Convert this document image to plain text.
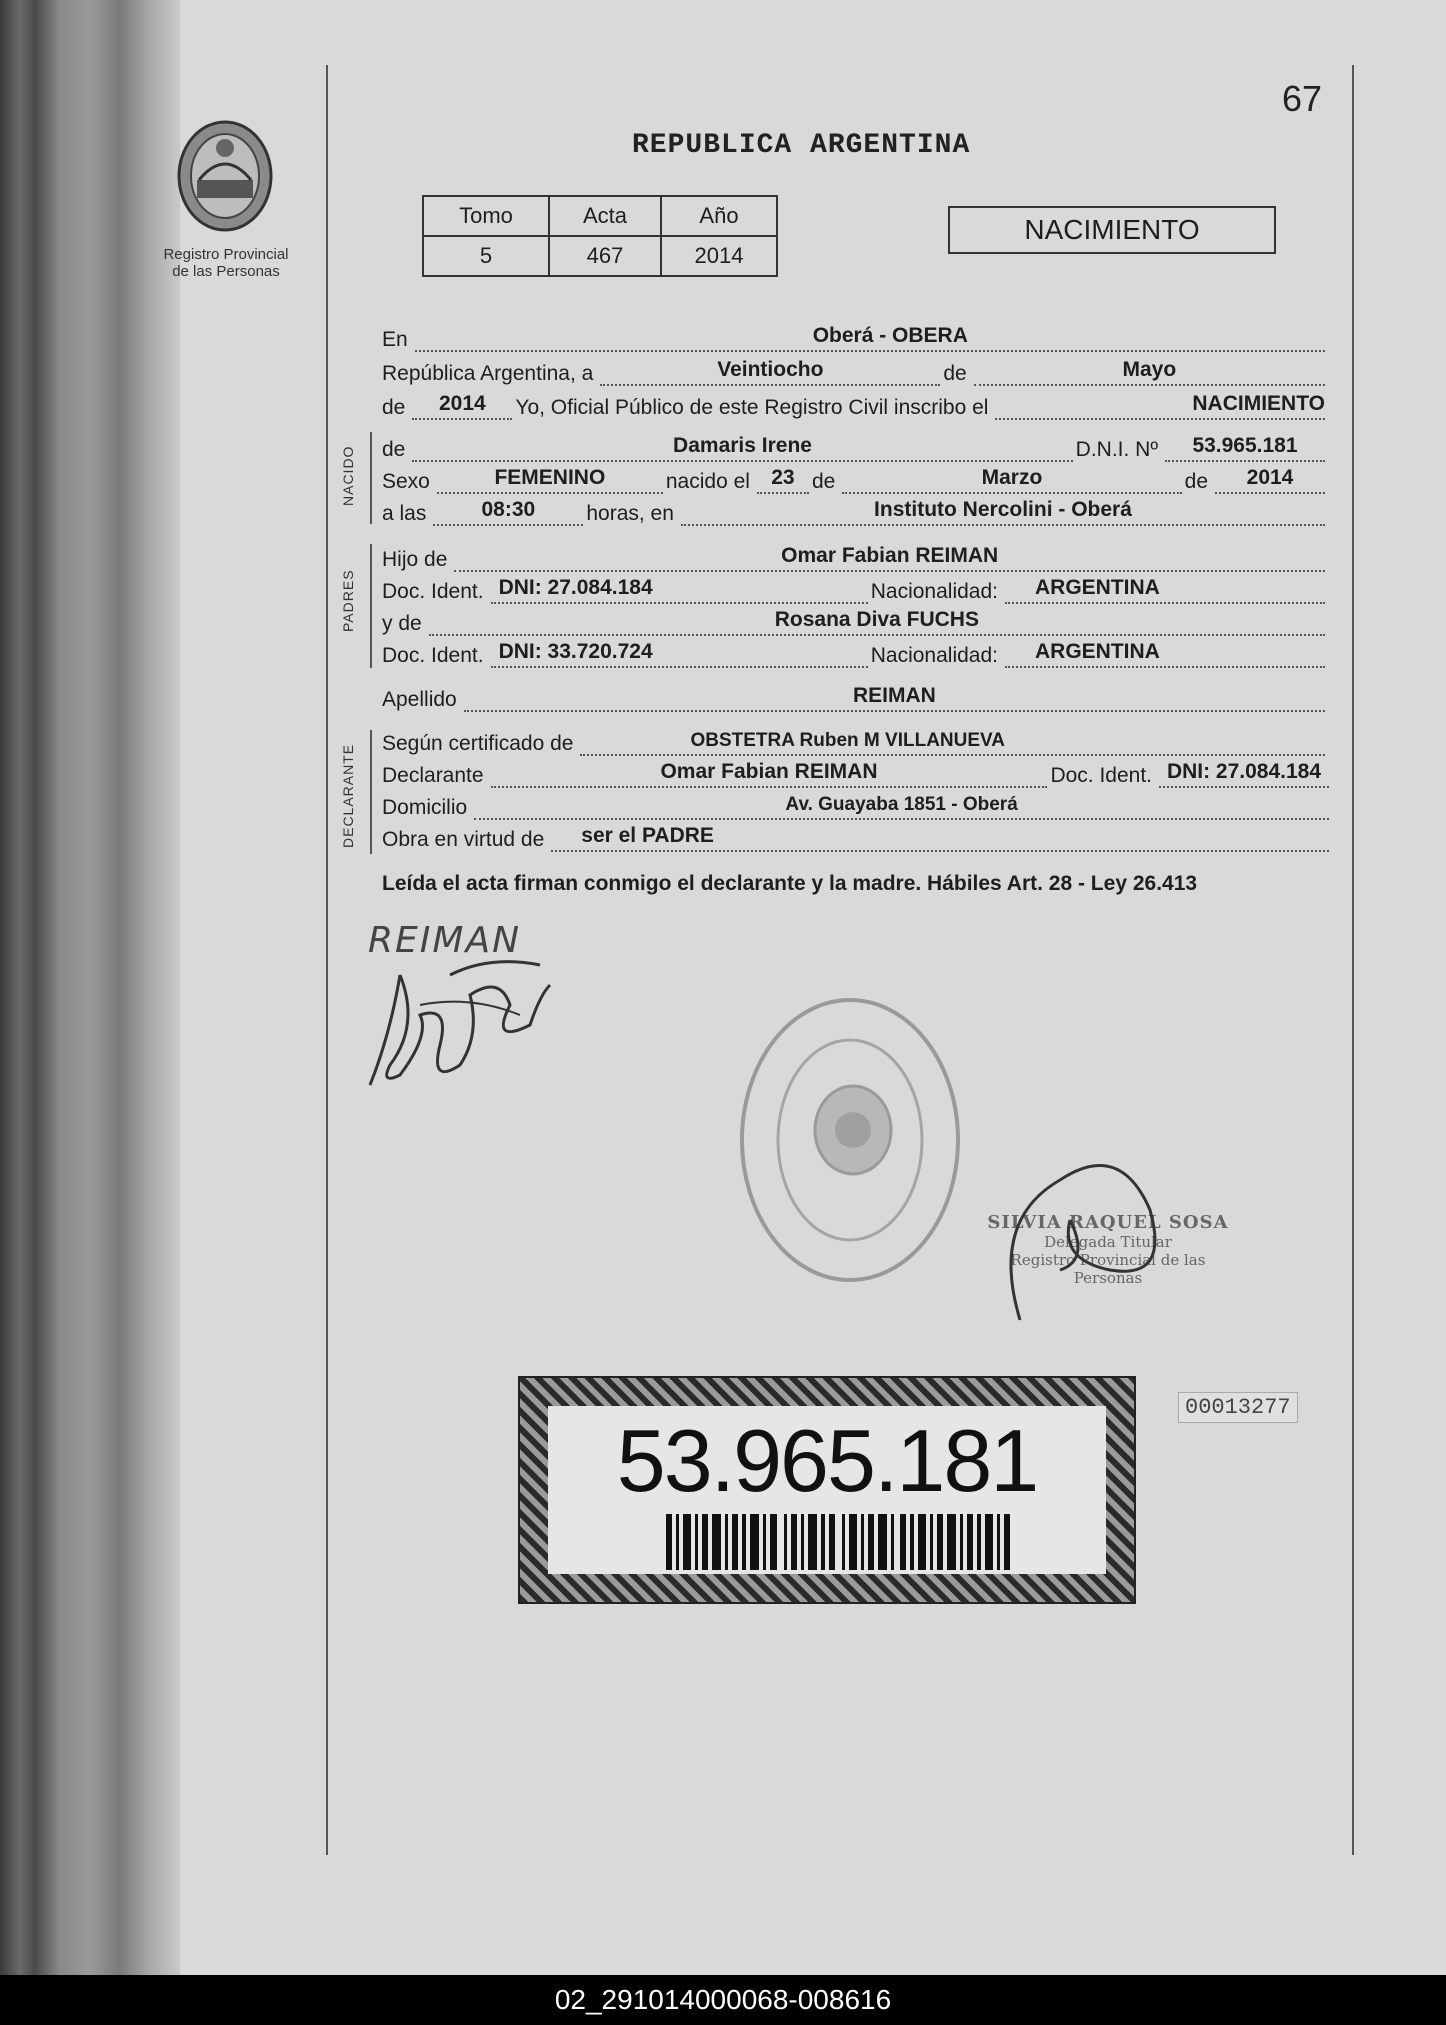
Registro Provincial
de las Personas
67
REPUBLICA ARGENTINA
Tomo	Acta	Año
5	467	2014
NACIMIENTO
En	Oberá - OBERA
República Argentina, a	Veintiocho	de	Mayo
de	2014	Yo, Oficial Público de este Registro Civil inscribo el	NACIMIENTO
NACIDO de	Damaris Irene	D.N.I. Nº	53.965.181
Sexo	FEMENINO	nacido el	23 de	Marzo	de	2014
a las	08:30	horas, en	Instituto Nercolini - Oberá
PADRES
Hijo de	Omar Fabian REIMAN
Doc. Ident. DNI: 27.084.184	Nacionalidad:	ARGENTINA
y de	Rosana Diva FUCHS
Doc. Ident. DNI: 33.720.724	Nacionalidad:	ARGENTINA
Apellido	REIMAN
DECLARANTE
Según certificado de	OBSTETRA Ruben M VILLANUEVA
Declarante	Omar Fabian REIMAN	Doc. Ident. DNI: 27.084.184
Domicilio	Av. Guayaba 1851 - Oberá
Obra en virtud de	ser el PADRE
Leída el acta firman conmigo el declarante y la madre. Hábiles Art. 28 - Ley 26.413
REIMAN
SILVIA RAQUEL SOSA
Delegada Titular
Registro Provincial de las Personas
53.965.181
00013277
02_291014000068-008616
